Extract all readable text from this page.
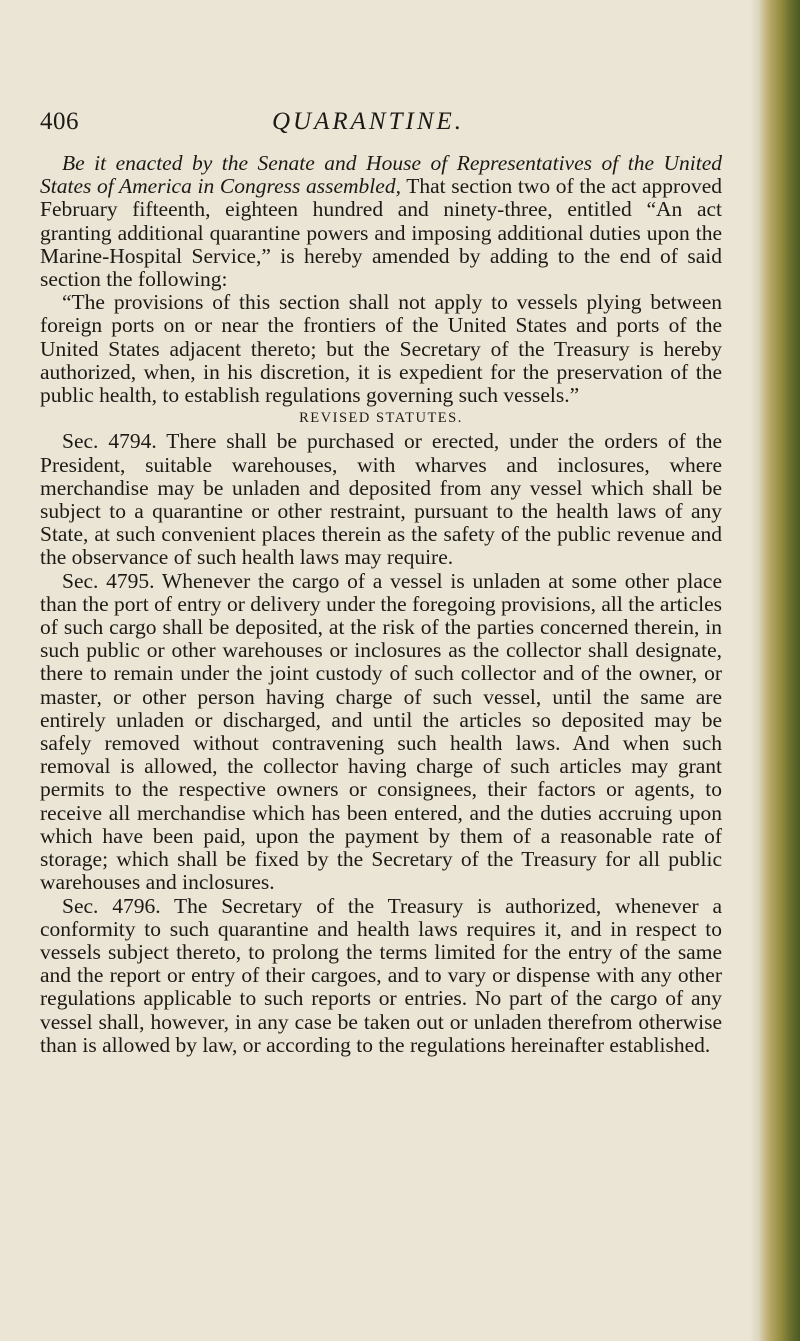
406	QUARANTINE.

Be it enacted by the Senate and House of Representatives of the United States of America in Congress assembled, That section two of the act approved February fifteenth, eighteen hundred and ninety-three, entitled “An act granting additional quarantine powers and imposing additional duties upon the Marine-Hospital Service,” is hereby amended by adding to the end of said section the following:

“The provisions of this section shall not apply to vessels plying between foreign ports on or near the frontiers of the United States and ports of the United States adjacent thereto; but the Secretary of the Treasury is hereby authorized, when, in his discretion, it is expedient for the preservation of the public health, to establish regulations governing such vessels.”

REVISED STATUTES.

Sec. 4794. There shall be purchased or erected, under the orders of the President, suitable warehouses, with wharves and inclosures, where merchandise may be unladen and deposited from any vessel which shall be subject to a quarantine or other restraint, pursuant to the health laws of any State, at such convenient places therein as the safety of the public revenue and the observance of such health laws may require.

Sec. 4795. Whenever the cargo of a vessel is unladen at some other place than the port of entry or delivery under the foregoing provisions, all the articles of such cargo shall be deposited, at the risk of the parties concerned therein, in such public or other warehouses or inclosures as the collector shall designate, there to remain under the joint custody of such collector and of the owner, or master, or other person having charge of such vessel, until the same are entirely unladen or discharged, and until the articles so deposited may be safely removed without contravening such health laws. And when such removal is allowed, the collector having charge of such articles may grant permits to the respective owners or consignees, their factors or agents, to receive all merchandise which has been entered, and the duties accruing upon which have been paid, upon the payment by them of a reasonable rate of storage; which shall be fixed by the Secretary of the Treasury for all public warehouses and inclosures.

Sec. 4796. The Secretary of the Treasury is authorized, whenever a conformity to such quarantine and health laws requires it, and in respect to vessels subject thereto, to prolong the terms limited for the entry of the same and the report or entry of their cargoes, and to vary or dispense with any other regulations applicable to such reports or entries. No part of the cargo of any vessel shall, however, in any case be taken out or unladen therefrom otherwise than is allowed by law, or according to the regulations hereinafter established.
